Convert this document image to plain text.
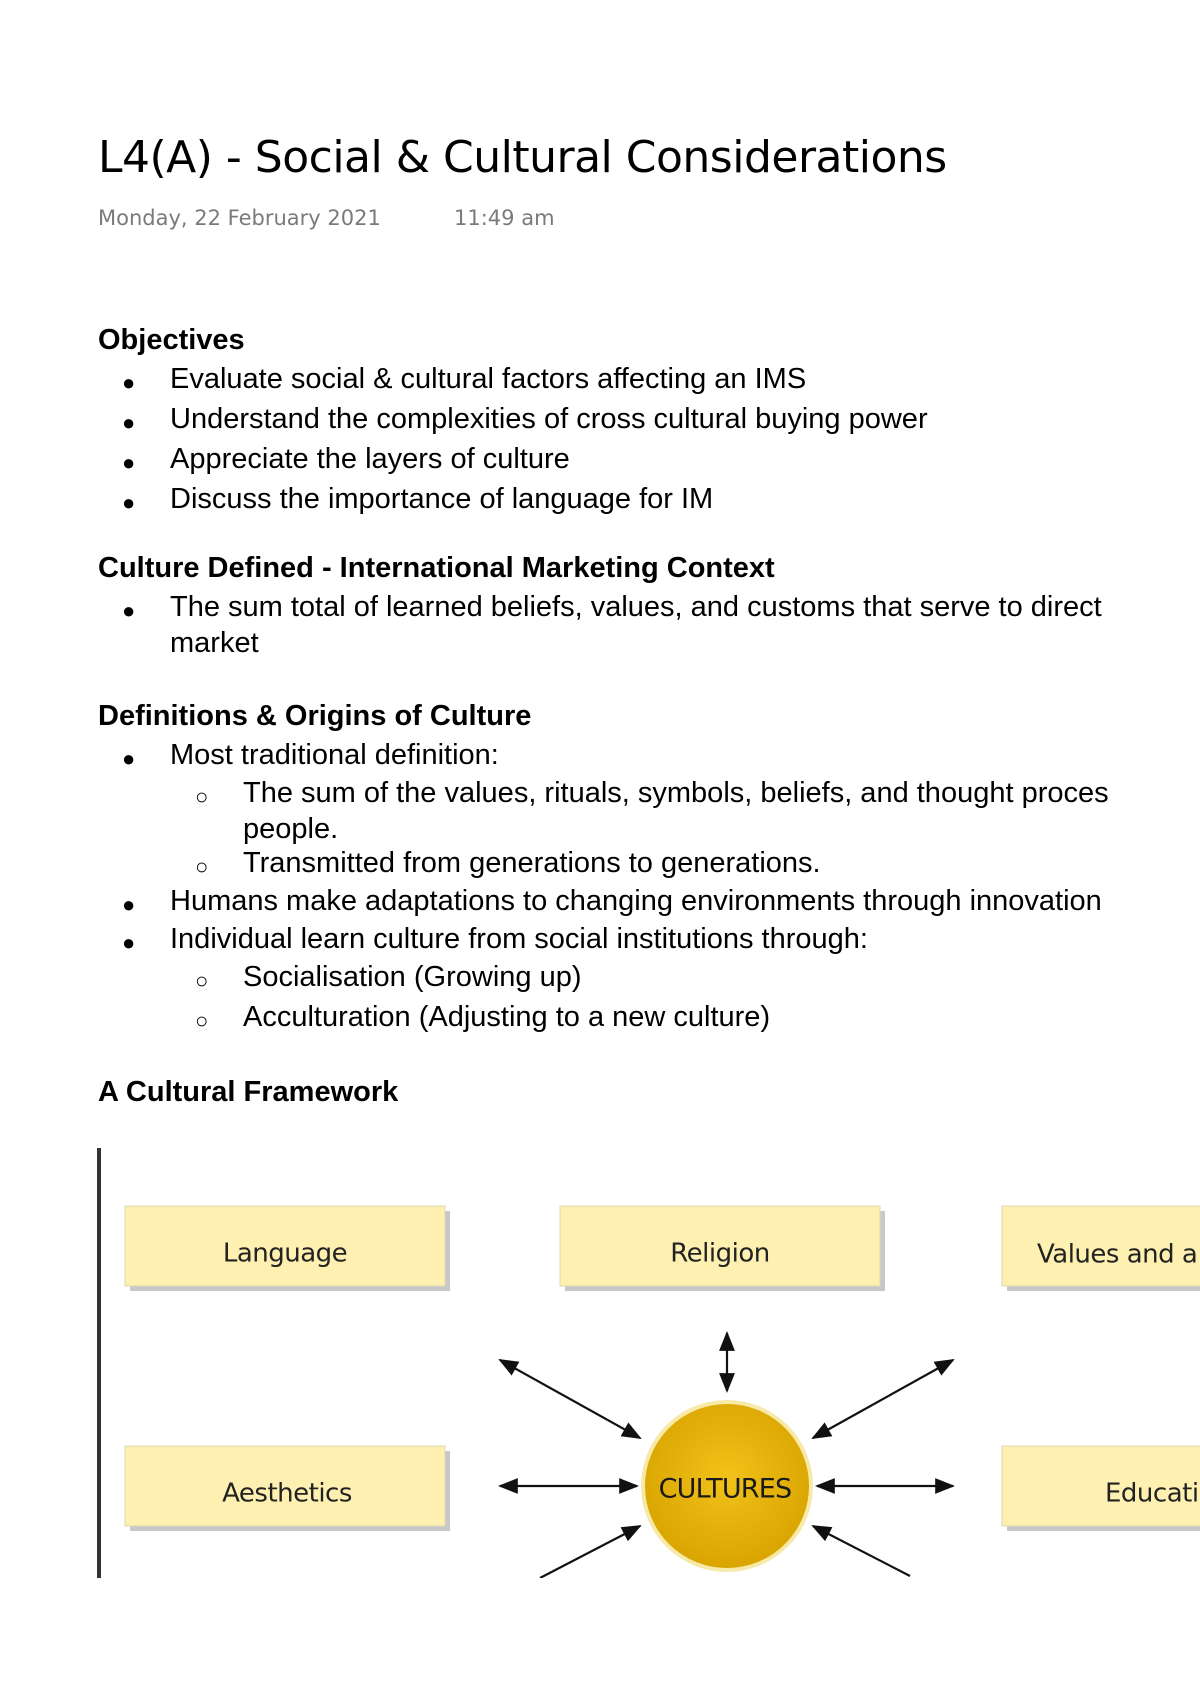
L4(A) - Social & Cultural Considerations
Monday, 22 February 2021	11:49 am
Objectives
● Evaluate social & cultural factors affecting an IMS
● Understand the complexities of cross cultural buying power
● Appreciate the layers of culture
● Discuss the importance of language for IM
Culture Defined - International Marketing Context
● The sum total of learned beliefs, values, and customs that serve to direct
market
Definitions & Origins of Culture
● Most traditional definition:
○ The sum of the values, rituals, symbols, beliefs, and thought proces
people.
○ Transmitted from generations to generations.
● Humans make adaptations to changing environments through innovation
● Individual learn culture from social institutions through:
○ Socialisation (Growing up)
○ Acculturation (Adjusting to a new culture)
A Cultural Framework
Language	Religion	Values and a
Aesthetics	Educati
CULTURES
